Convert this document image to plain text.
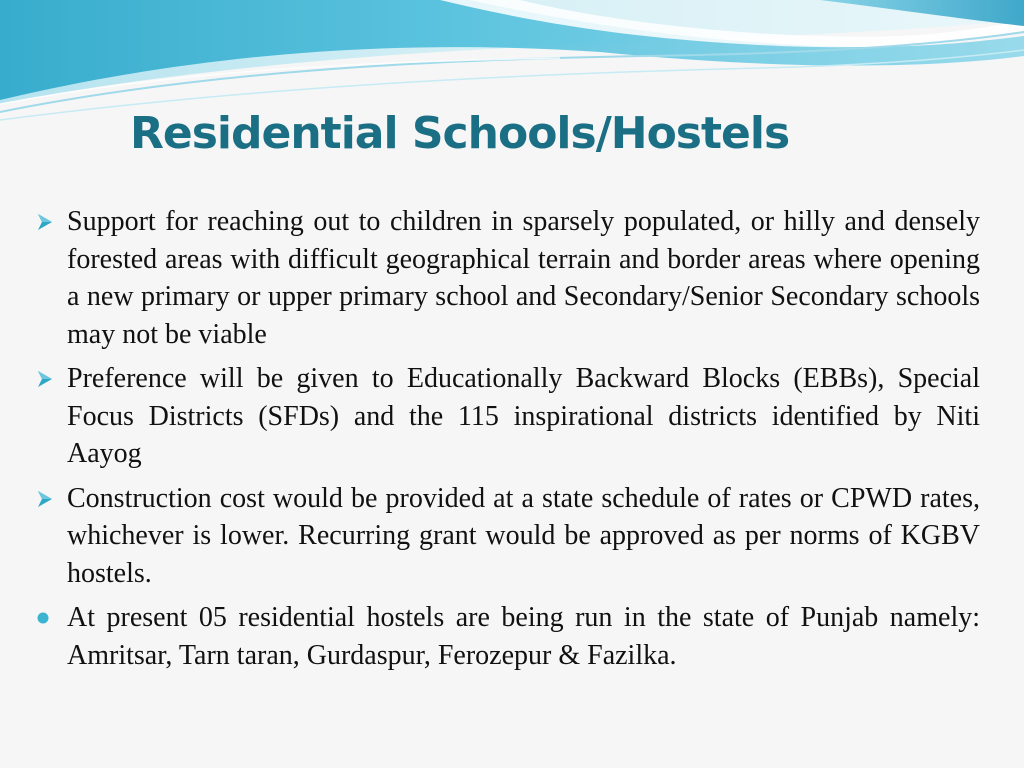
Residential Schools/Hostels
Support for reaching out to children in sparsely populated, or hilly and densely forested areas with difficult geographical terrain and border areas where opening a new primary or upper primary school and Secondary/Senior Secondary schools may not be viable
Preference will be given to Educationally Backward Blocks (EBBs), Special Focus Districts (SFDs) and the 115 inspirational districts identified by Niti Aayog
Construction cost would be provided at a state schedule of rates or CPWD rates, whichever is lower. Recurring grant would be approved as per norms of KGBV hostels.
At present 05 residential hostels are being run in the state of Punjab namely: Amritsar, Tarn taran, Gurdaspur, Ferozepur & Fazilka.
